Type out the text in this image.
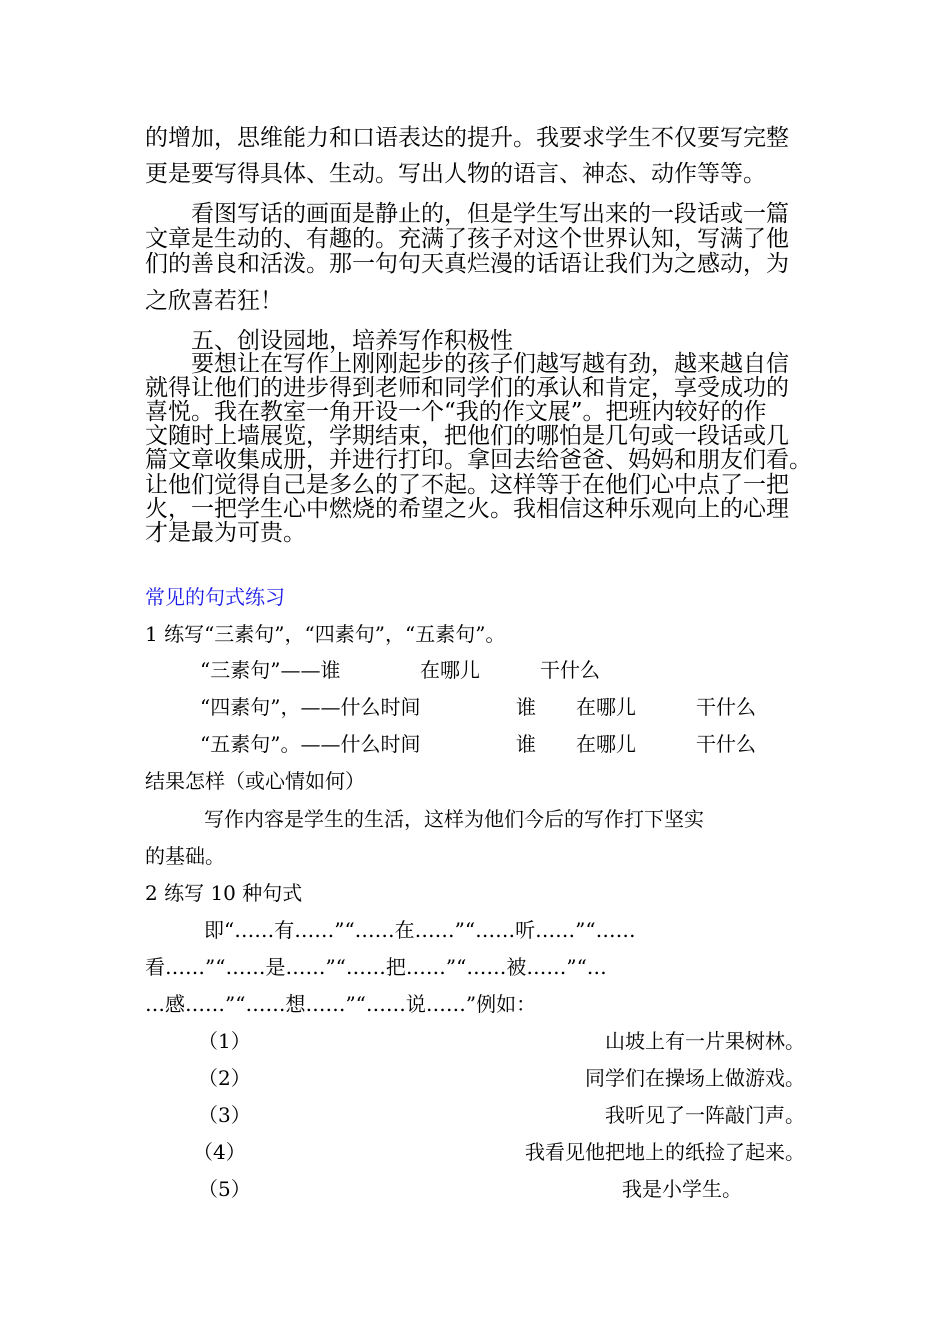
的增加，思维能力和口语表达的提升。我要求学生不仅要写完整

更是要写得具体、生动。写出人物的语言、神态、动作等等。

看图写话的画面是静止的，但是学生写出来的一段话或一篇

文章是生动的、有趣的。充满了孩子对这个世界认知，写满了他

们的善良和活泼。那一句句天真烂漫的话语让我们为之感动，为

之欣喜若狂！

五、创设园地，培养写作积极性

要想让在写作上刚刚起步的孩子们越写越有劲，越来越自信

就得让他们的进步得到老师和同学们的承认和肯定，享受成功的

喜悦。我在教室一角开设一个“我的作文展”。把班内较好的作

文随时上墙展览，学期结束，把他们的哪怕是几句或一段话或几

篇文章收集成册，并进行打印。拿回去给爸爸、妈妈和朋友们看。

让他们觉得自己是多么的了不起。这样等于在他们心中点了一把

火，一把学生心中燃烧的希望之火。我相信这种乐观向上的心理

才是最为可贵。

常见的句式练习

1 练写“三素句”，“四素句”，“五素句”。

“三素句”——谁	在哪儿	干什么

“四素句”，——什么时间	谁 在哪儿	干什么

“五素句”。——什么时间	谁 在哪儿	干什么

结果怎样（或心情如何）

写作内容是学生的生活，这样为他们今后的写作打下坚实

的基础。

2 练写 10 种句式

即“……有……”“……在……”“……听……”“……

看……”“……是……”“……把……”“……被……”“…

…感……”“……想……”“……说……”例如：

（1）	山坡上有一片果树林。

（2）	同学们在操场上做游戏。

（3）	我听见了一阵敲门声。

（4）	我看见他把地上的纸捡了起来。

（5）	我是小学生。
